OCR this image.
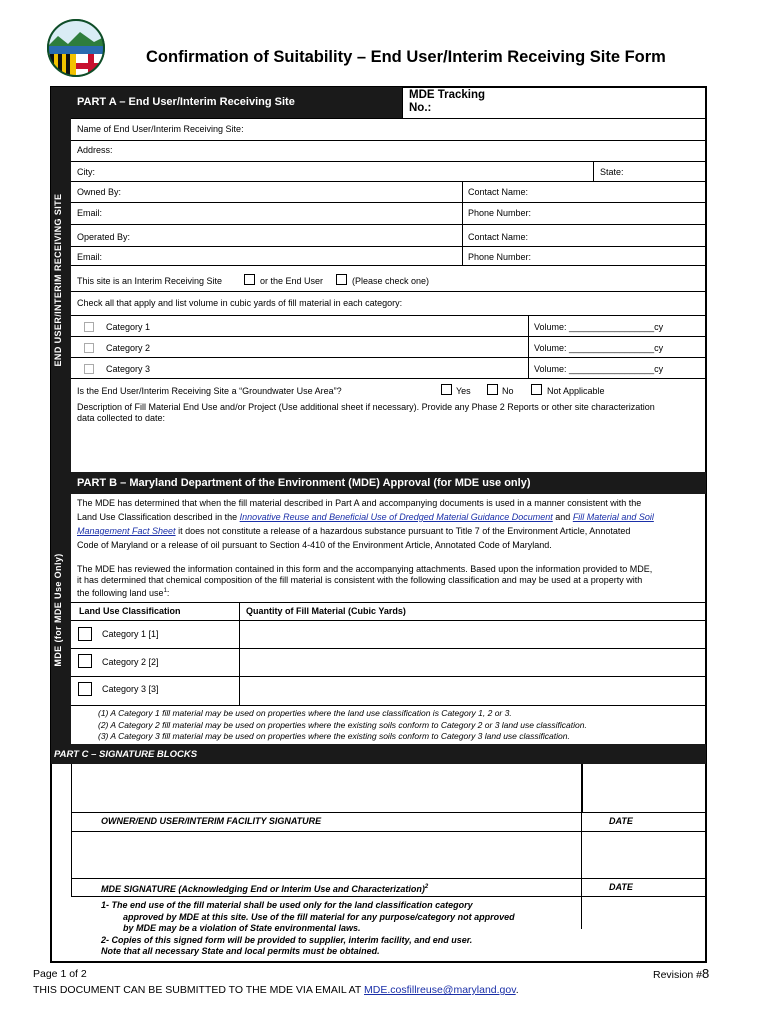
Confirmation of Suitability – End User/Interim Receiving Site Form
END USER/INTERIM RECEIVING SITE
MDE (for MDE Use Only)
PART A – End User/Interim Receiving Site
MDE Tracking
No.:
Name of End User/Interim Receiving Site:
Address:
City:	State:
Owned By:	Contact Name:
Email:	Phone Number:
Operated By:	Contact Name:
Email:	Phone Number:
This site is an Interim Receiving Site	or the End User	(Please check one)
Check all that apply and list volume in cubic yards of fill material in each category:
Category 1	Volume: _________________cy
Category 2	Volume: _________________cy
Category 3	Volume: _________________cy
Is the End User/Interim Receiving Site a “Groundwater Use Area”?	Yes	No	Not Applicable
Description of Fill Material End Use and/or Project (Use additional sheet if necessary). Provide any Phase 2 Reports or other site characterization
data collected to date:
PART B – Maryland Department of the Environment (MDE) Approval (for MDE use only)
The MDE has determined that when the fill material described in Part A and accompanying documents is used in a manner consistent with the
Land Use Classification described in the Innovative Reuse and Beneficial Use of Dredged Material Guidance Document and Fill Material and Soil
Management Fact Sheet it does not constitute a release of a hazardous substance pursuant to Title 7 of the Environment Article, Annotated
Code of Maryland or a release of oil pursuant to Section 4-410 of the Environment Article, Annotated Code of Maryland.
The MDE has reviewed the information contained in this form and the accompanying attachments. Based upon the information provided to MDE,
it has determined that chemical composition of the fill material is consistent with the following classification and may be used at a property with
the following land use$^1$:
Land Use Classification	Quantity of Fill Material (Cubic Yards)
Category 1 [1]
Category 2 [2]
Category 3 [3]
(1) A Category 1 fill material may be used on properties where the land use classification is Category 1, 2 or 3.
(2) A Category 2 fill material may be used on properties where the existing soils conform to Category 2 or 3 land use classification.
(3) A Category 3 fill material may be used on properties where the existing soils conform to Category 3 land use classification.
PART C – SIGNATURE BLOCKS
OWNER/END USER/INTERIM FACILITY SIGNATURE	DATE
MDE SIGNATURE (Acknowledging End or Interim Use and Characterization)$^2$	DATE
1- The end use of the fill material shall be used only for the land classification category
approved by MDE at this site. Use of the fill material for any purpose/category not approved
by MDE may be a violation of State environmental laws.
2- Copies of this signed form will be provided to supplier, interim facility, and end user.
Note that all necessary State and local permits must be obtained.
Page 1 of 2	Revision #8
THIS DOCUMENT CAN BE SUBMITTED TO THE MDE VIA EMAIL AT MDE.cosfillreuse@maryland.gov.
